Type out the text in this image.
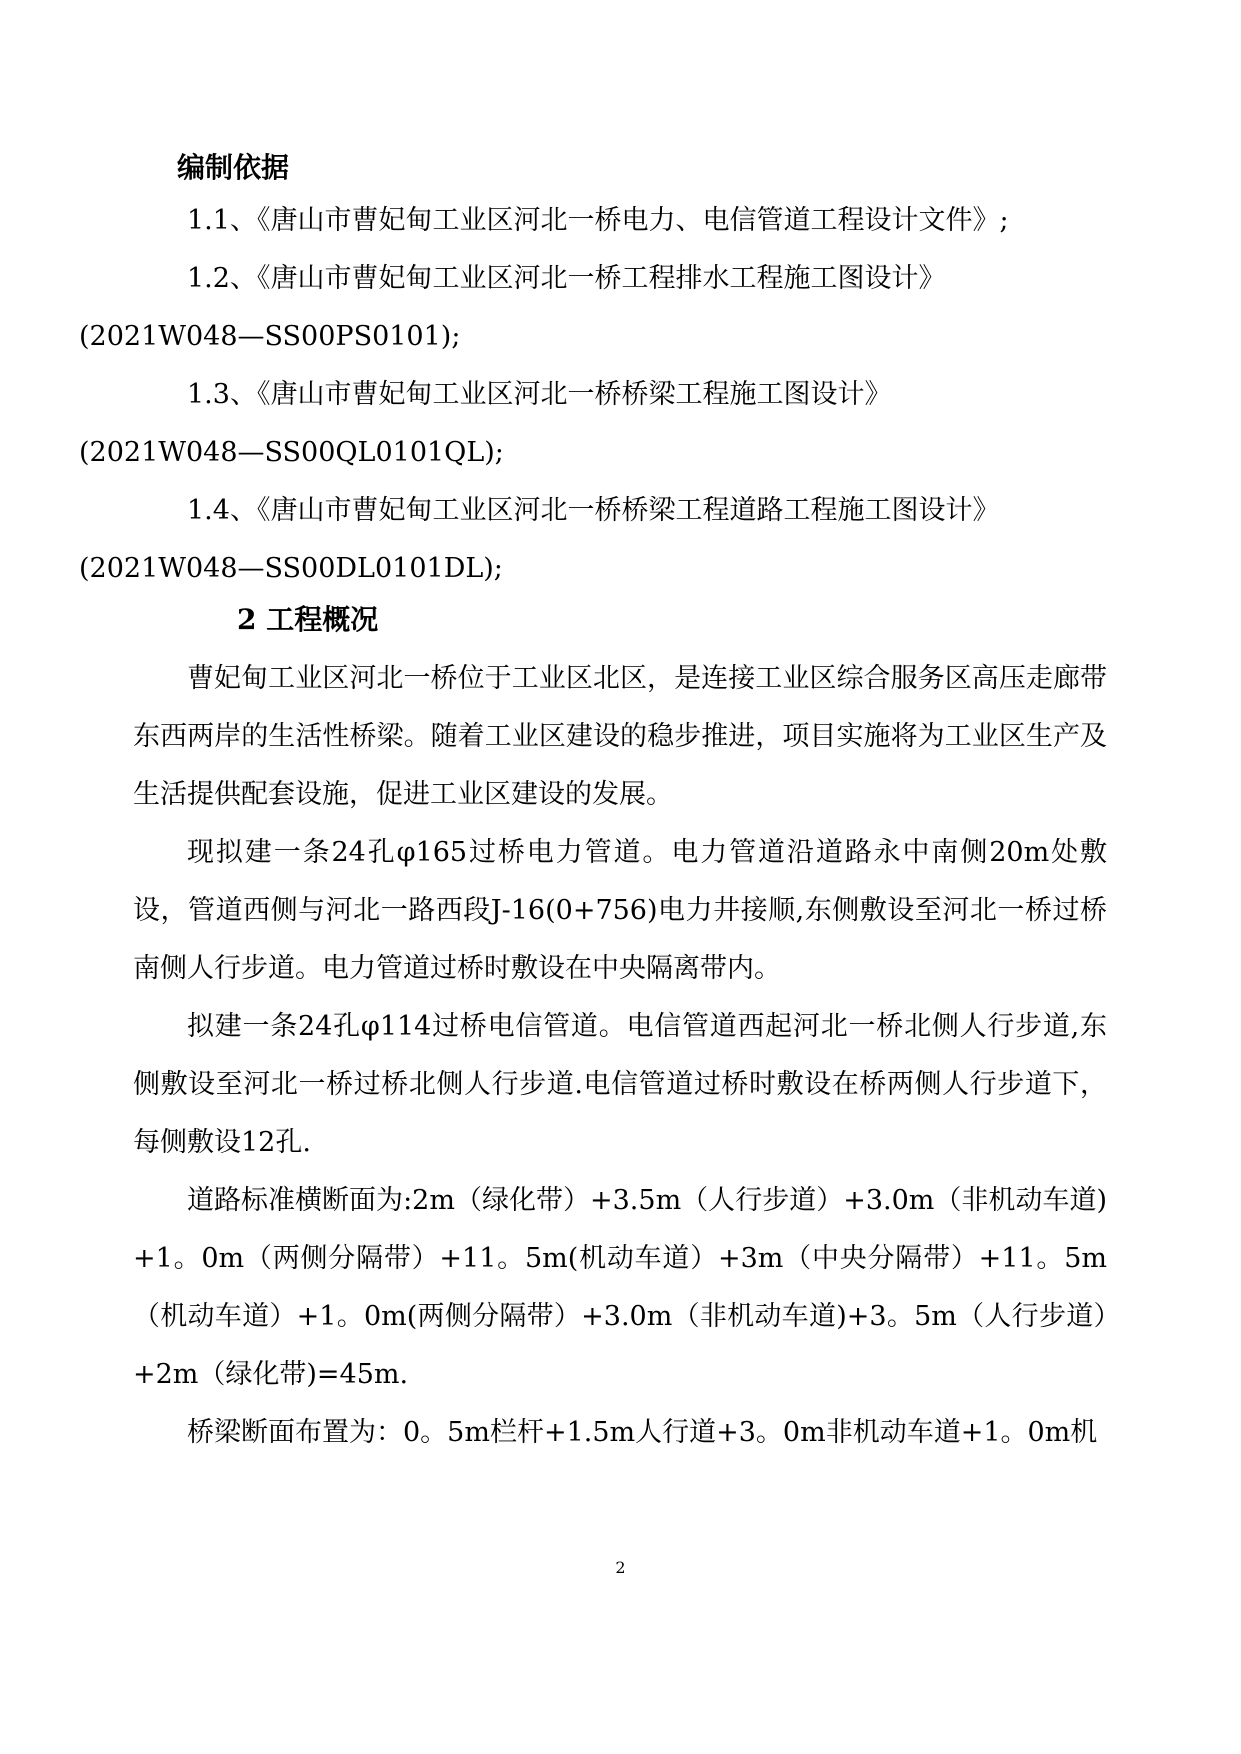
编制依据

1.1、《唐山市曹妃甸工业区河北一桥电力、电信管道工程设计文件》;

1.2、《唐山市曹妃甸工业区河北一桥工程排水工程施工图设计》
(2021W048—SS00PS0101);

1.3、《唐山市曹妃甸工业区河北一桥桥梁工程施工图设计》
(2021W048—SS00QL0101QL);

1.4、《唐山市曹妃甸工业区河北一桥桥梁工程道路工程施工图设计》
(2021W048—SS00DL0101DL);

2 工程概况

曹妃甸工业区河北一桥位于工业区北区，是连接工业区综合服务区高压走廊带东西两岸的生活性桥梁。随着工业区建设的稳步推进，项目实施将为工业区生产及生活提供配套设施，促进工业区建设的发展。

现拟建一条24孔φ165过桥电力管道。电力管道沿道路永中南侧20m处敷设，管道西侧与河北一路西段J-16(0+756)电力井接顺,东侧敷设至河北一桥过桥南侧人行步道。电力管道过桥时敷设在中央隔离带内。

拟建一条24孔φ114过桥电信管道。电信管道西起河北一桥北侧人行步道,东侧敷设至河北一桥过桥北侧人行步道.电信管道过桥时敷设在桥两侧人行步道下，每侧敷设12孔.

道路标准横断面为:2m（绿化带）+3.5m（人行步道）+3.0m（非机动车道)+1。0m（两侧分隔带）+11。5m(机动车道）+3m（中央分隔带）+11。5m（机动车道）+1。0m(两侧分隔带）+3.0m（非机动车道)+3。5m（人行步道）+2m（绿化带)=45m.

桥梁断面布置为：0。5m栏杆+1.5m人行道+3。0m非机动车道+1。0m机

2
